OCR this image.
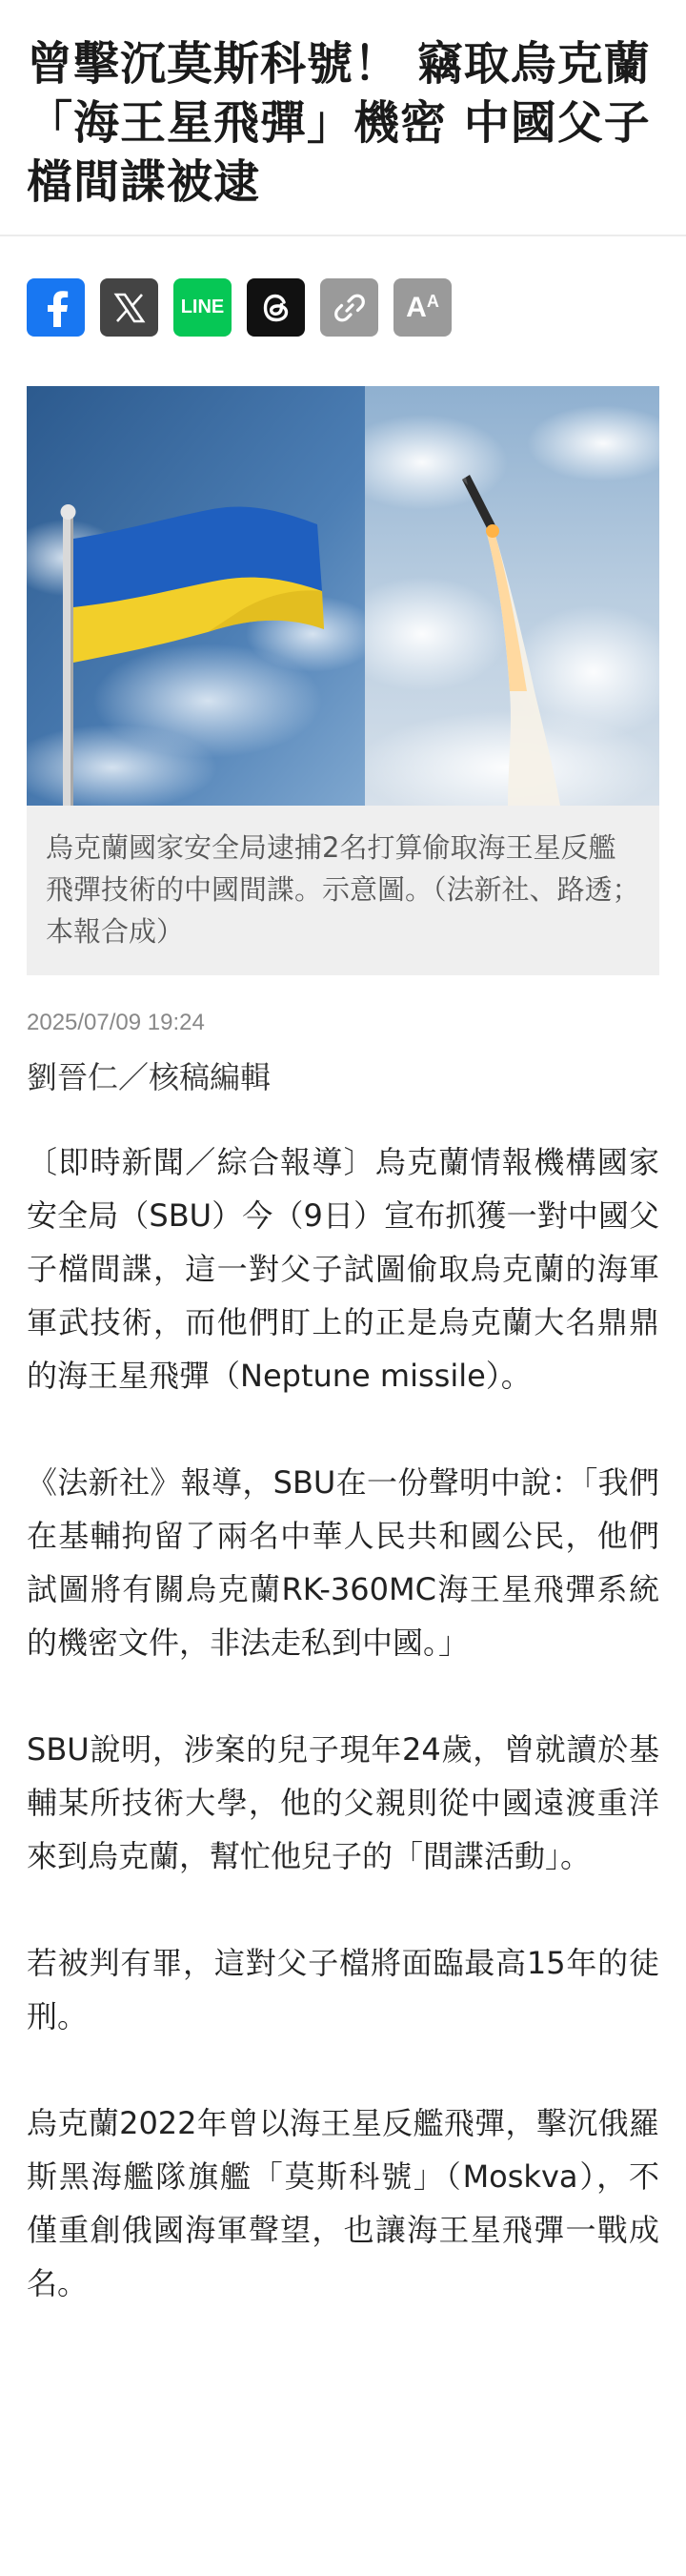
曾擊沉莫斯科號！ 竊取烏克蘭「海王星飛彈」機密 中國父子檔間諜被逮
LINE	$A^A$

烏克蘭國家安全局逮捕2名打算偷取海王星反艦飛彈技術的中國間諜。示意圖。（法新社、路透；本報合成）

2025/07/09 19:24
劉晉仁／核稿編輯

〔即時新聞／綜合報導〕烏克蘭情報機構國家安全局（SBU）今（9日）宣布抓獲一對中國父子檔間諜，這一對父子試圖偷取烏克蘭的海軍軍武技術，而他們盯上的正是烏克蘭大名鼎鼎的海王星飛彈（Neptune missile）。

《法新社》報導，SBU在一份聲明中說：「我們在基輔拘留了兩名中華人民共和國公民，他們試圖將有關烏克蘭RK-360MC海王星飛彈系統的機密文件，非法走私到中國。」

SBU說明，涉案的兒子現年24歲，曾就讀於基輔某所技術大學，他的父親則從中國遠渡重洋來到烏克蘭，幫忙他兒子的「間諜活動」。

若被判有罪，這對父子檔將面臨最高15年的徒刑。

烏克蘭2022年曾以海王星反艦飛彈，擊沉俄羅斯黑海艦隊旗艦「莫斯科號」（Moskva），不僅重創俄國海軍聲望，也讓海王星飛彈一戰成名。
